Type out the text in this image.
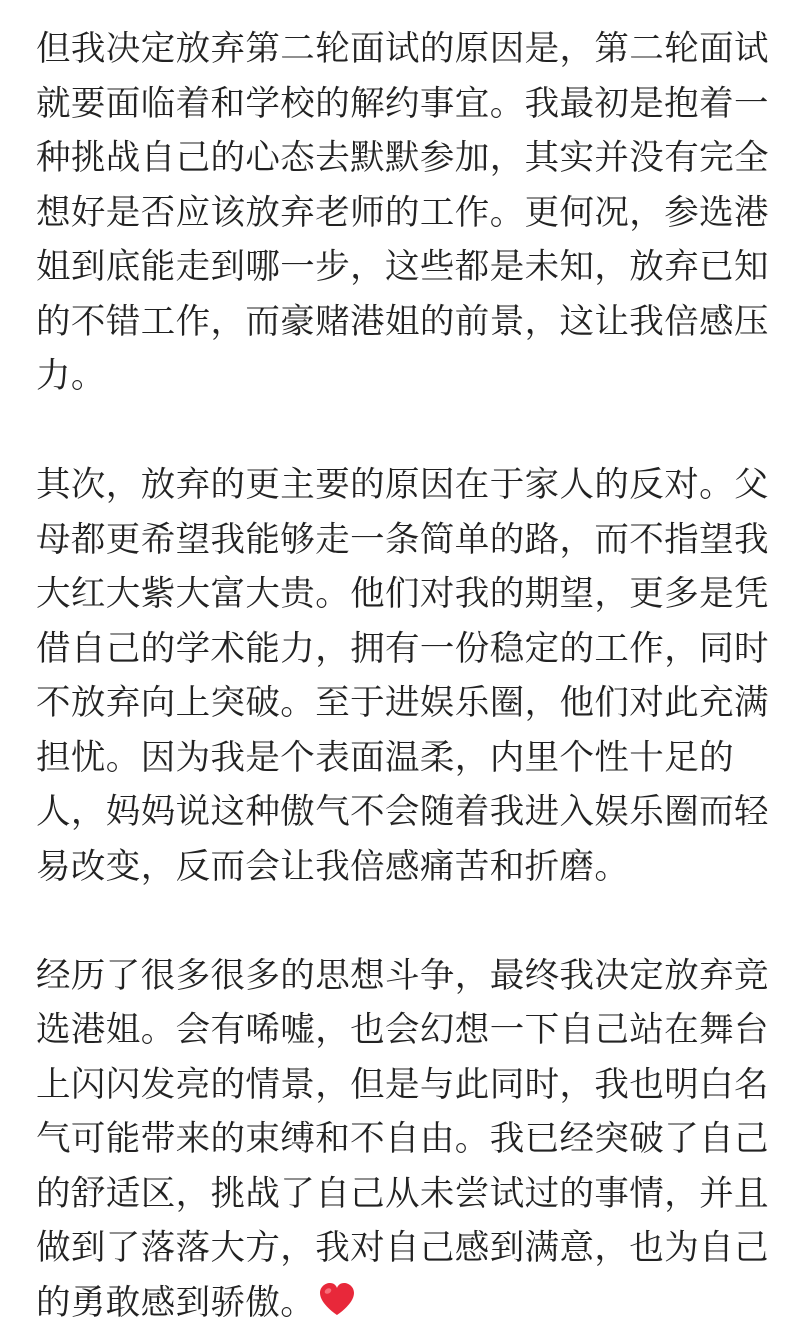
但我决定放弃第二轮面试的原因是，第二轮面试
就要面临着和学校的解约事宜。我最初是抱着一
种挑战自己的心态去默默参加，其实并没有完全
想好是否应该放弃老师的工作。更何况，参选港
姐到底能走到哪一步，这些都是未知，放弃已知
的不错工作，而豪赌港姐的前景，这让我倍感压
力。
其次，放弃的更主要的原因在于家人的反对。父
母都更希望我能够走一条简单的路，而不指望我
大红大紫大富大贵。他们对我的期望，更多是凭
借自己的学术能力，拥有一份稳定的工作，同时
不放弃向上突破。至于进娱乐圈，他们对此充满
担忧。因为我是个表面温柔，内里个性十足的
人，妈妈说这种傲气不会随着我进入娱乐圈而轻
易改变，反而会让我倍感痛苦和折磨。
经历了很多很多的思想斗争，最终我决定放弃竞
选港姐。会有唏嘘，也会幻想一下自己站在舞台
上闪闪发亮的情景，但是与此同时，我也明白名
气可能带来的束缚和不自由。我已经突破了自己
的舒适区，挑战了自己从未尝试过的事情，并且
做到了落落大方，我对自己感到满意，也为自己
的勇敢感到骄傲。
